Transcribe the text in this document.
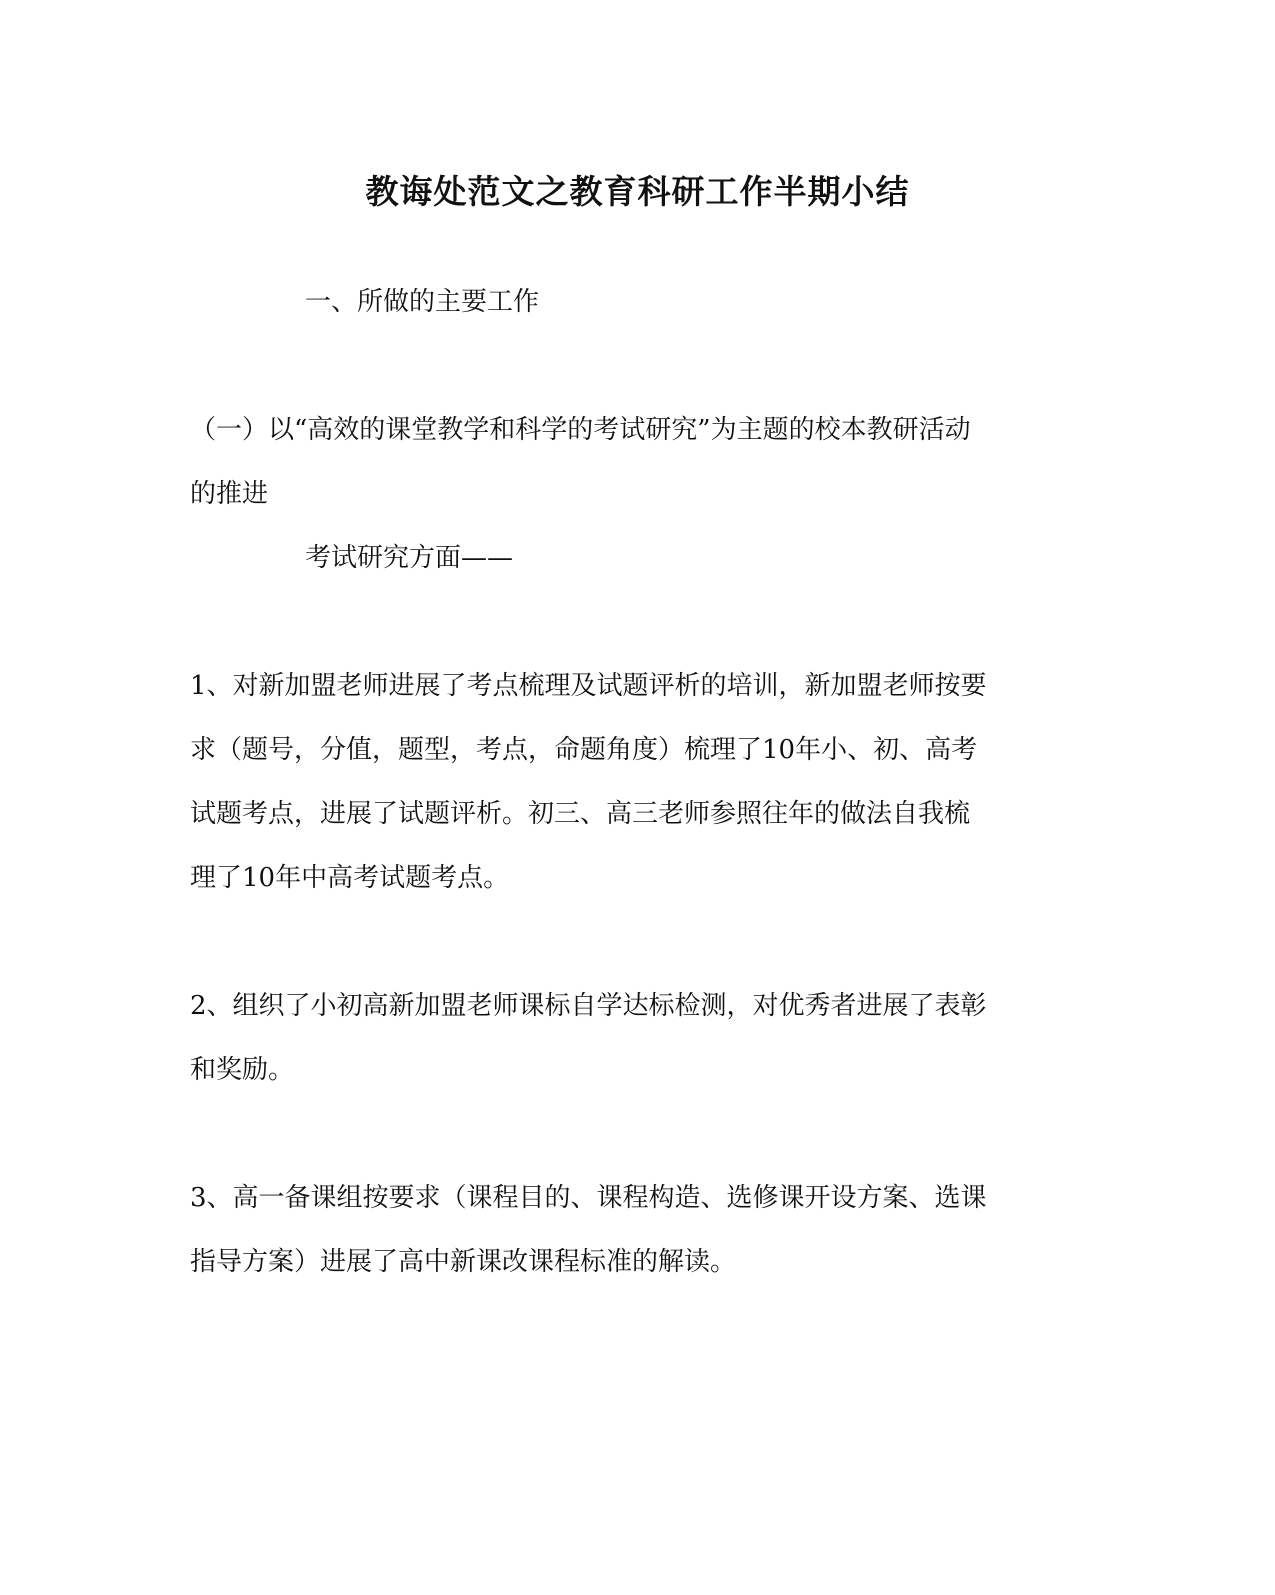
教诲处范文之教育科研工作半期小结
一、所做的主要工作
（一）以“高效的课堂教学和科学的考试研究”为主题的校本教研活动
的推进
考试研究方面——
1、对新加盟老师进展了考点梳理及试题评析的培训，新加盟老师按要
求（题号，分值，题型，考点，命题角度）梳理了10年小、初、高考
试题考点，进展了试题评析。初三、高三老师参照往年的做法自我梳
理了10年中高考试题考点。
2、组织了小初高新加盟老师课标自学达标检测，对优秀者进展了表彰
和奖励。
3、高一备课组按要求（课程目的、课程构造、选修课开设方案、选课
指导方案）进展了高中新课改课程标准的解读。
